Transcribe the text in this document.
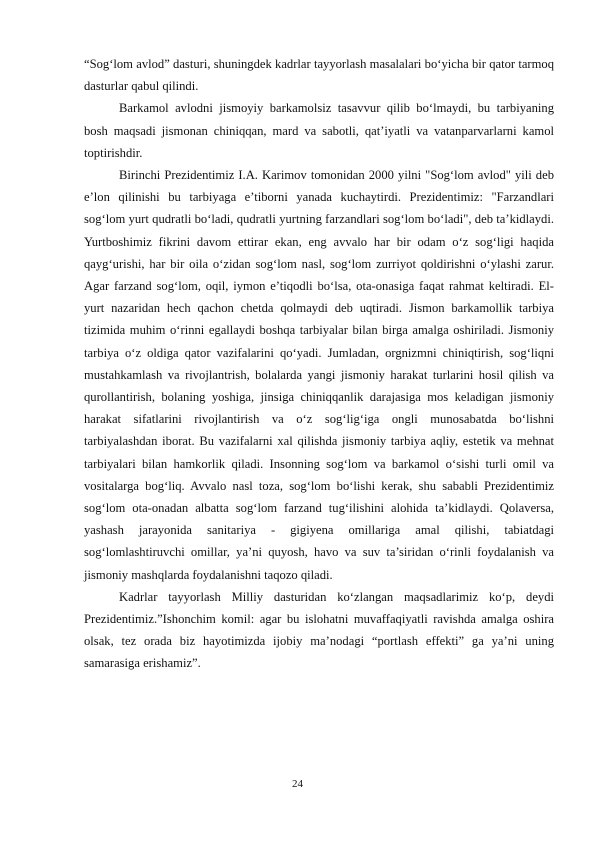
“Sog‘lom avlod” dasturi, shuningdek kadrlar tayyorlash masalalari bo‘yicha bir qator tarmoq dasturlar qabul qilindi.

Barkamol avlodni jismoyiy barkamolsiz tasavvur qilib bo‘lmaydi, bu tarbiyaning bosh maqsadi jismonan chiniqqan, mard va sabotli, qat’iyatli va vatanparvarlarni kamol toptirishdir.

Birinchi Prezidentimiz I.A. Karimov tomonidan 2000 yilni "Sog‘lom avlod" yili deb e’lon qilinishi bu tarbiyaga e’tiborni yanada kuchaytirdi. Prezidentimiz: "Farzandlari sog‘lom yurt qudratli bo‘ladi, qudratli yurtning farzandlari sog‘lom bo‘ladi", deb ta’kidlaydi. Yurtboshimiz fikrini davom ettirar ekan, eng avvalo har bir odam o‘z sog‘ligi haqida qayg‘urishi, har bir oila o‘zidan sog‘lom nasl, sog‘lom zurriyot qoldirishni o‘ylashi zarur. Agar farzand sog‘lom, oqil, iymon e’tiqodli bo‘lsa, ota-onasiga faqat rahmat keltiradi. El-yurt nazaridan hech qachon chetda qolmaydi deb uqtiradi. Jismon barkamollik tarbiya tizimida muhim o‘rinni egallaydi boshqa tarbiyalar bilan birga amalga oshiriladi. Jismoniy tarbiya o‘z oldiga qator vazifalarini qo‘yadi. Jumladan, orgnizmni chiniqtirish, sog‘liqni mustahkamlash va rivojlantrish, bolalarda yangi jismoniy harakat turlarini hosil qilish va qurollantirish, bolaning yoshiga, jinsiga chiniqqanlik darajasiga mos keladigan jismoniy harakat sifatlarini rivojlantirish va o‘z sog‘lig‘iga ongli munosabatda bo‘lishni tarbiyalashdan iborat. Bu vazifalarni xal qilishda jismoniy tarbiya aqliy, estetik va mehnat tarbiyalari bilan hamkorlik qiladi. Insonning sog‘lom va barkamol o‘sishi turli omil va vositalarga bog‘liq. Avvalo nasl toza, sog‘lom bo‘lishi kerak, shu sababli Prezidentimiz sog‘lom ota-onadan albatta sog‘lom farzand tug‘ilishini alohida ta’kidlaydi. Qolaversa, yashash jarayonida sanitariya - gigiyena omillariga amal qilishi, tabiatdagi sog‘lomlashtiruvchi omillar, ya’ni quyosh, havo va suv ta’siridan o‘rinli foydalanish va jismoniy mashqlarda foydalanishni taqozo qiladi.

Kadrlar tayyorlash Milliy dasturidan ko‘zlangan maqsadlarimiz ko‘p, deydi Prezidentimiz.”Ishonchim komil: agar bu islohatni muvaffaqiyatli ravishda amalga oshira olsak, tez orada biz hayotimizda ijobiy ma’nodagi “portlash effekti” ga ya’ni uning samarasiga erishamiz”.

24
